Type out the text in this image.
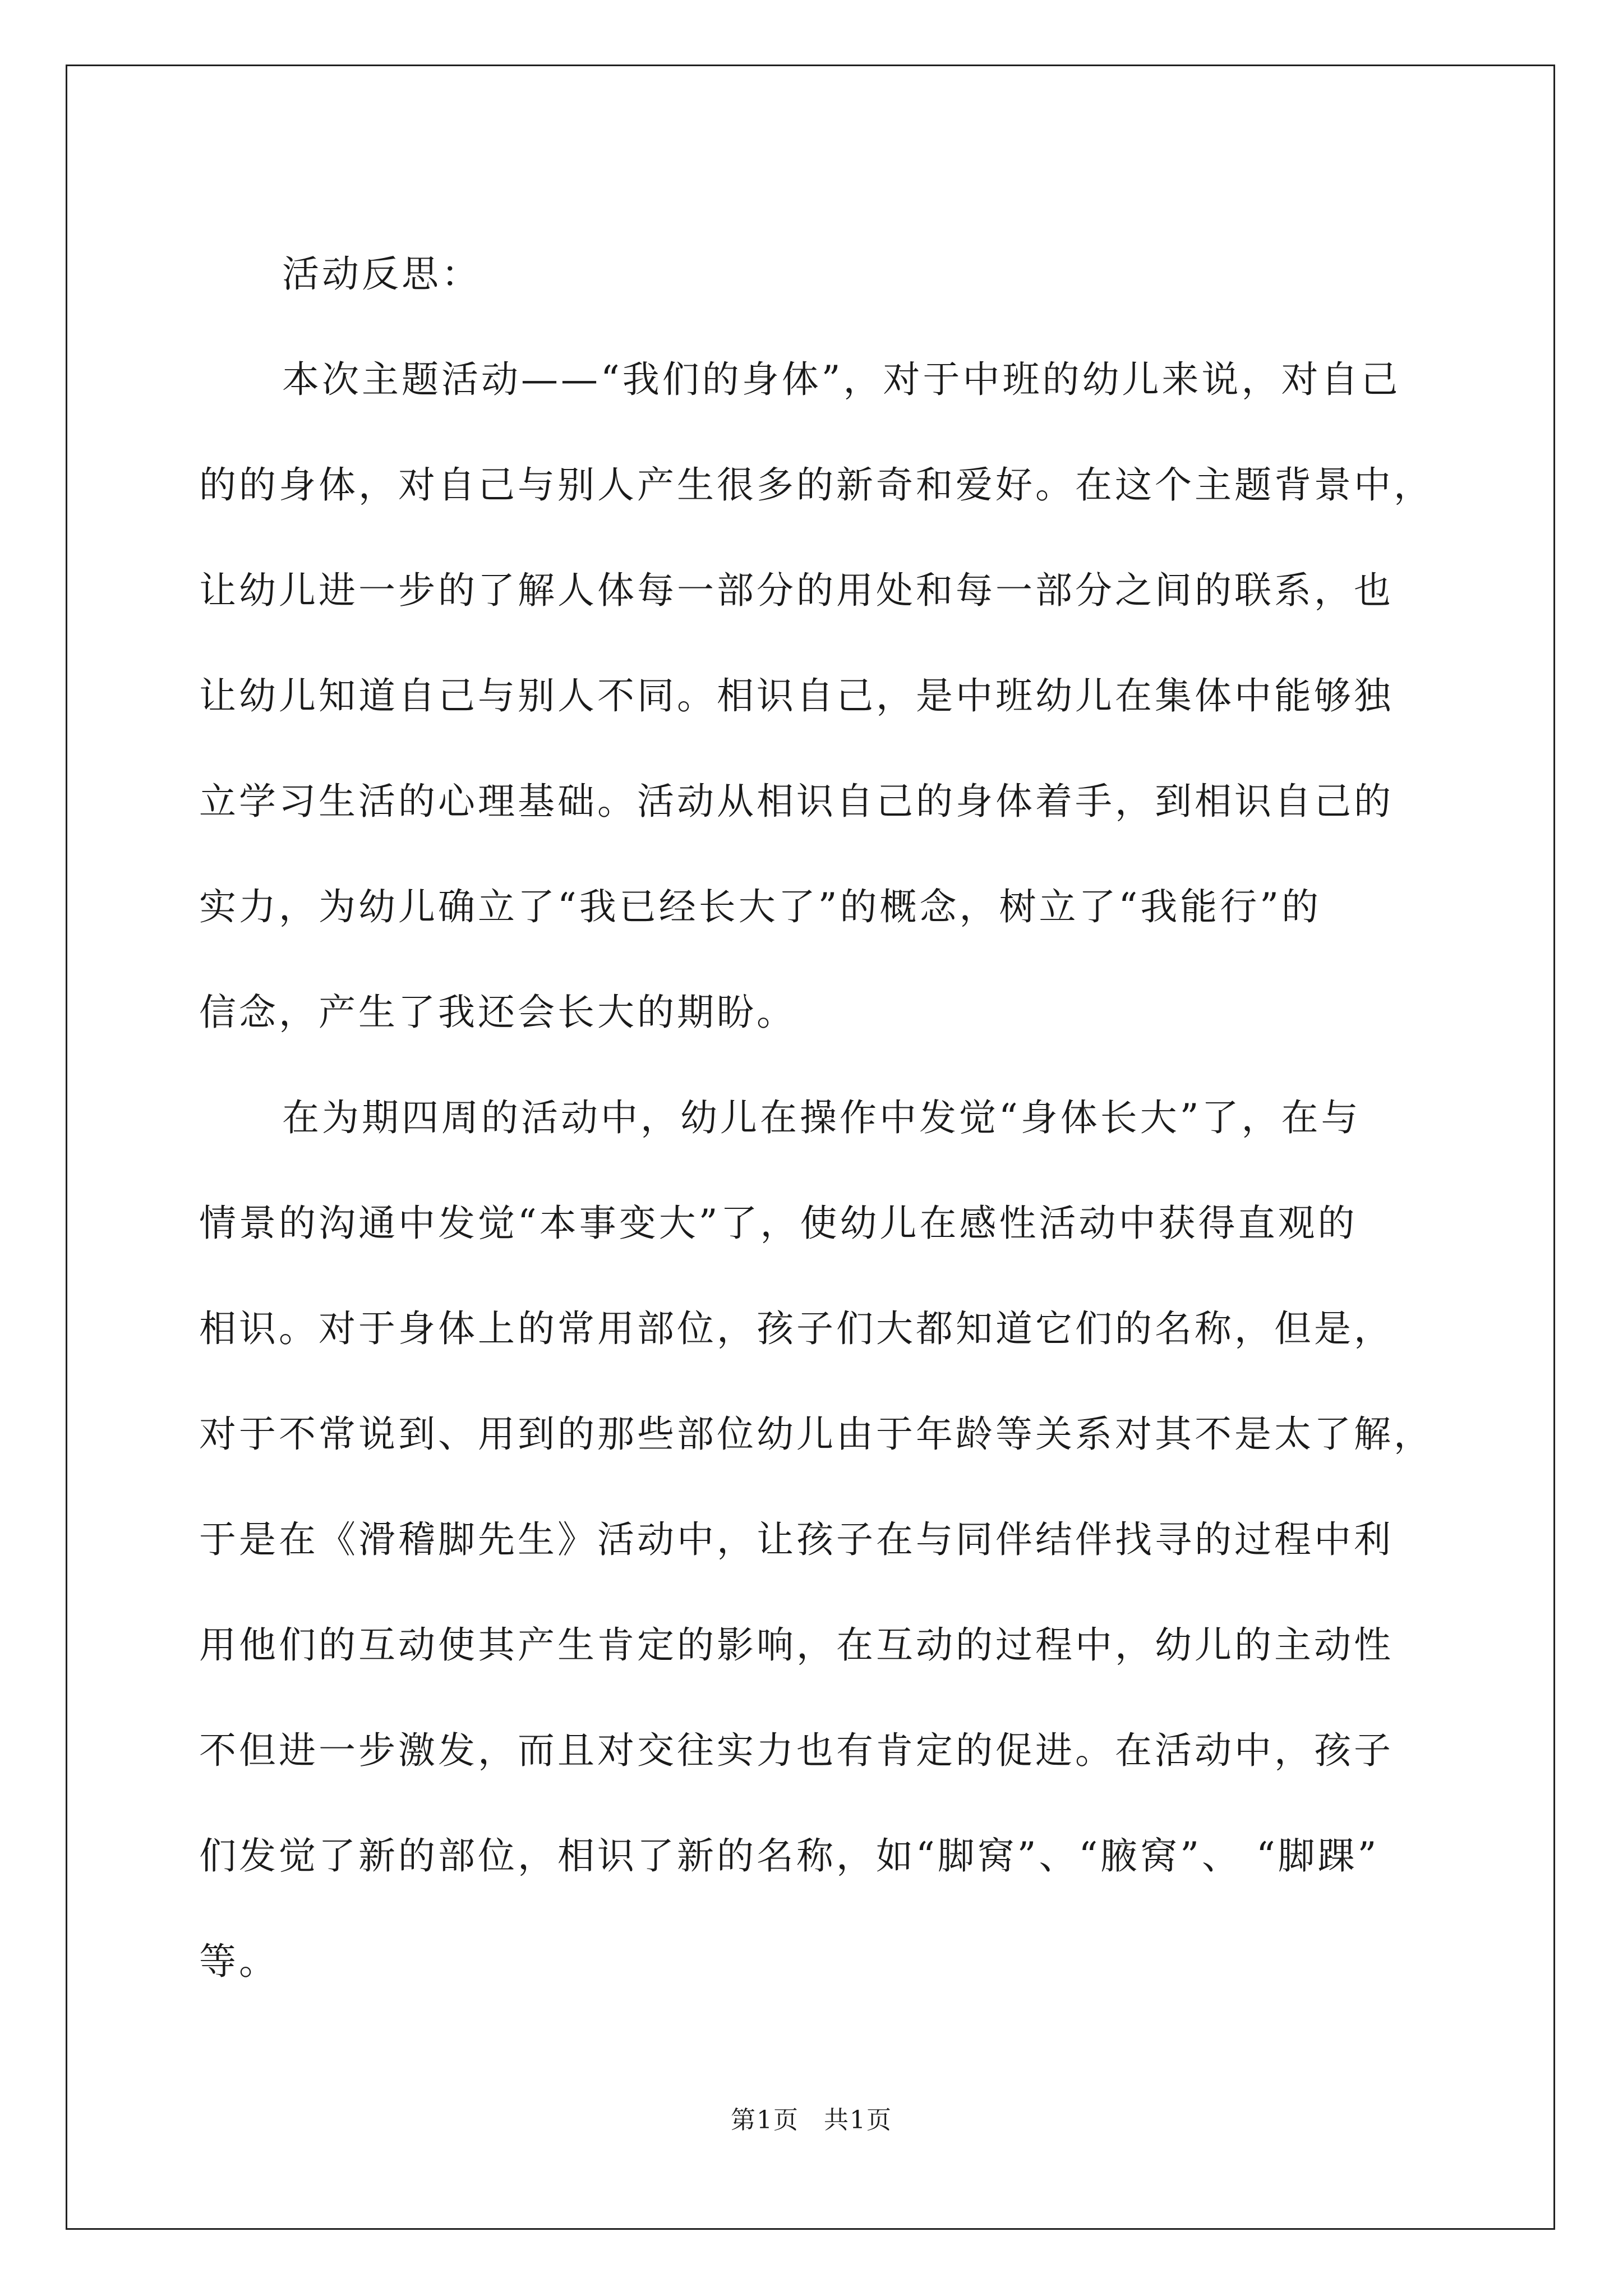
活动反思：

本次主题活动——“我们的身体”，对于中班的幼儿来说，对自己

的的身体，对自己与别人产生很多的新奇和爱好。在这个主题背景中，

让幼儿进一步的了解人体每一部分的用处和每一部分之间的联系，也

让幼儿知道自己与别人不同。相识自己，是中班幼儿在集体中能够独

立学习生活的心理基础。活动从相识自己的身体着手，到相识自己的

实力，为幼儿确立了“我已经长大了”的概念，树立了“我能行”的

信念，产生了我还会长大的期盼。

在为期四周的活动中，幼儿在操作中发觉“身体长大”了，在与

情景的沟通中发觉“本事变大”了，使幼儿在感性活动中获得直观的

相识。对于身体上的常用部位，孩子们大都知道它们的名称，但是，

对于不常说到、用到的那些部位幼儿由于年龄等关系对其不是太了解，

于是在《滑稽脚先生》活动中，让孩子在与同伴结伴找寻的过程中利

用他们的互动使其产生肯定的影响，在互动的过程中，幼儿的主动性

不但进一步激发，而且对交往实力也有肯定的促进。在活动中，孩子

们发觉了新的部位，相识了新的名称，如“脚窝”、“腋窝”、 “脚踝”

等。

第1页 共1页
